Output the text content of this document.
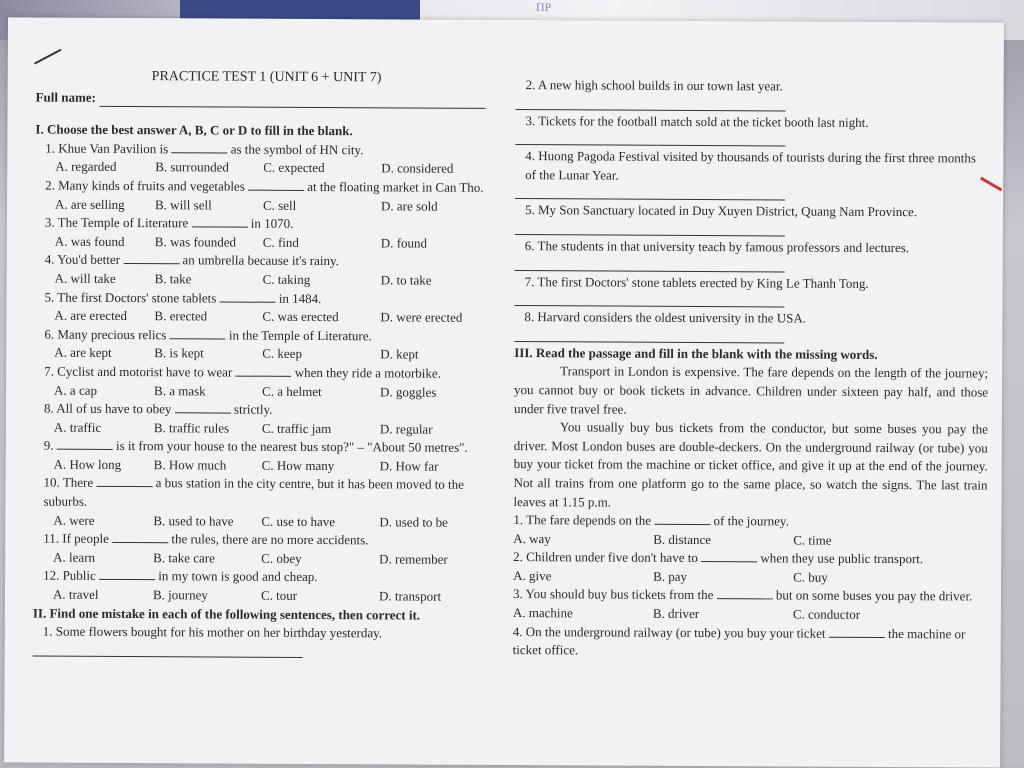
ΠP
PRACTICE TEST 1 (UNIT 6 + UNIT 7)
Full name:
I. Choose the best answer A, B, C or D to fill in the blank.
1. Khue Van Pavilion is	as the symbol of HN city.
A. regarded	B. surrounded	C. expected	D. considered
2. Many kinds of fruits and vegetables	at the floating market in Can Tho.
A. are selling	B. will sell	C. sell	D. are sold
3. The Temple of Literature	in 1070.
A. was found	B. was founded	C. find	D. found
4. You'd better	an umbrella because it's rainy.
A. will take	B. take	C. taking	D. to take
5. The first Doctors' stone tablets	in 1484.
A. are erected	B. erected	C. was erected	D. were erected
6. Many precious relics	in the Temple of Literature.
A. are kept	B. is kept	C. keep	D. kept
7. Cyclist and motorist have to wear	when they ride a motorbike.
A. a cap	B. a mask	C. a helmet	D. goggles
8. All of us have to obey	strictly.
A. traffic	B. traffic rules	C. traffic jam	D. regular
9.	is it from your house to the nearest bus stop?" – "About 50 metres".
A. How long	B. How much	C. How many	D. How far
10. There	a bus station in the city centre, but it has been moved to the suburbs.
A. were	B. used to have	C. use to have	D. used to be
11. If people	the rules, there are no more accidents.
A. learn	B. take care	C. obey	D. remember
12. Public	in my town is good and cheap.
A. travel	B. journey	C. tour	D. transport
II. Find one mistake in each of the following sentences, then correct it.
1. Some flowers bought for his mother on her birthday yesterday.
2. A new high school builds in our town last year.
3. Tickets for the football match sold at the ticket booth last night.
4. Huong Pagoda Festival visited by thousands of tourists during the first three months of the Lunar Year.
5. My Son Sanctuary located in Duy Xuyen District, Quang Nam Province.
6. The students in that university teach by famous professors and lectures.
7. The first Doctors' stone tablets erected by King Le Thanh Tong.
8. Harvard considers the oldest university in the USA.
III. Read the passage and fill in the blank with the missing words.
Transport in London is expensive. The fare depends on the length of the journey; you cannot buy or book tickets in advance. Children under sixteen pay half, and those under five travel free.
You usually buy bus tickets from the conductor, but some buses you pay the driver. Most London buses are double-deckers. On the underground railway (or tube) you buy your ticket from the machine or ticket office, and give it up at the end of the journey. Not all trains from one platform go to the same place, so watch the signs. The last train leaves at 1.15 p.m.
1. The fare depends on the	of the journey.
A. way	B. distance	C. time
2. Children under five don't have to	when they use public transport.
A. give	B. pay	C. buy
3. You should buy bus tickets from the	but on some buses you pay the driver.
A. machine	B. driver	C. conductor
4. On the underground railway (or tube) you buy your ticket	the machine or ticket office.
